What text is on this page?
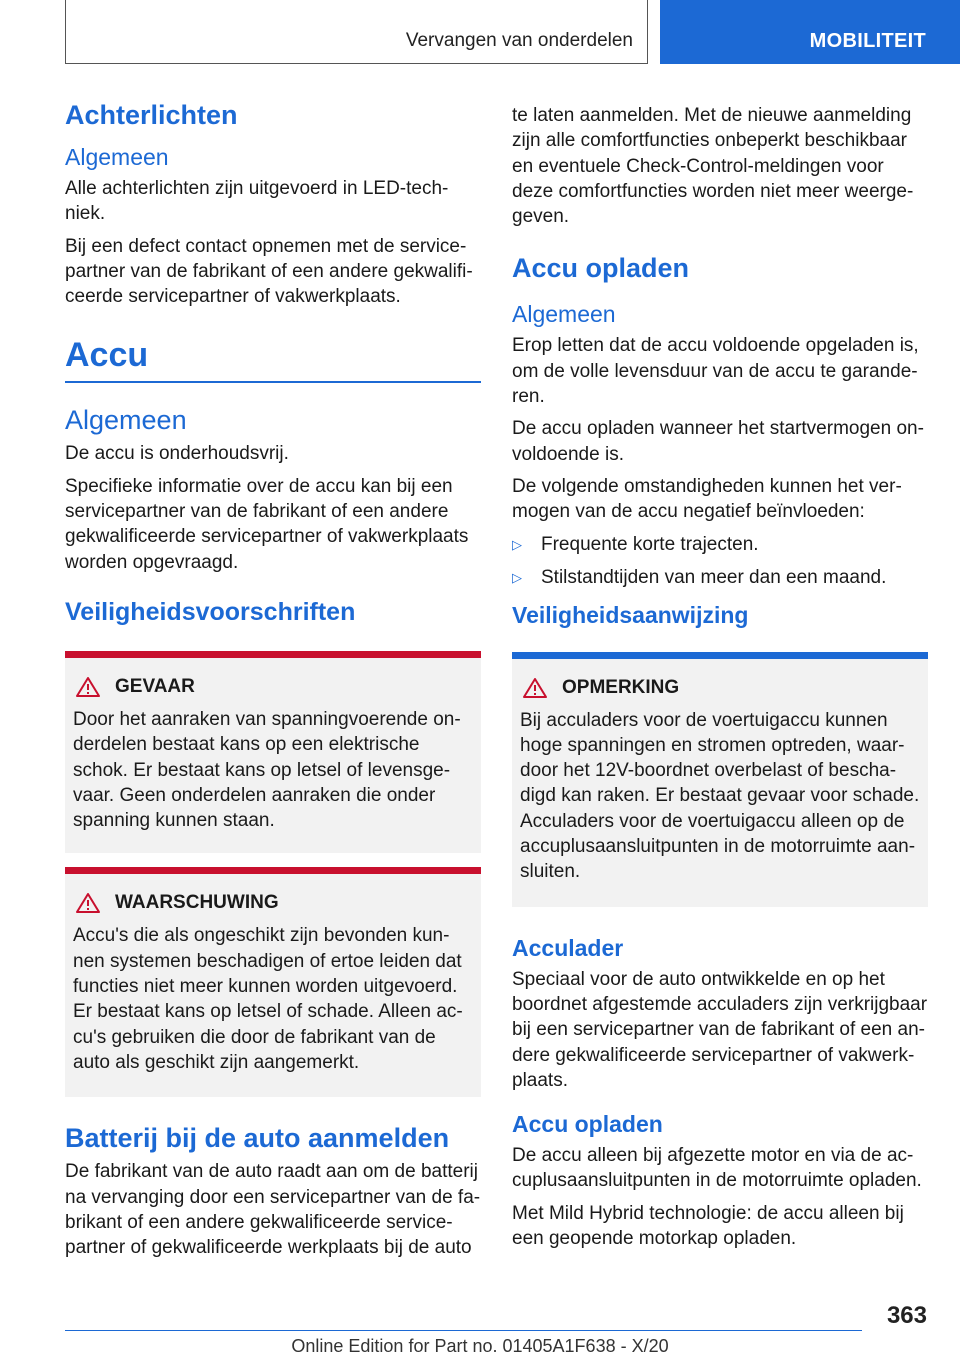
Vervangen van onderdelen	MOBILITEIT
Achterlichten
Algemeen

Alle achterlichten zijn uitgevoerd in LED-techniek.

Bij een defect contact opnemen met de servicepartner van de fabrikant of een andere gekwalificeerde servicepartner of vakwerkplaats.

Accu
Algemeen

De accu is onderhoudsvrij.

Specifieke informatie over de accu kan bij een servicepartner van de fabrikant of een andere gekwalificeerde servicepartner of vakwerkplaats worden opgevraagd.

Veiligheidsvoorschriften
GEVAAR

Door het aanraken van spanningvoerende onderdelen bestaat kans op een elektrische schok. Er bestaat kans op letsel of levensgevaar. Geen onderdelen aanraken die onder spanning kunnen staan.

WAARSCHUWING

Accu's die als ongeschikt zijn bevonden kunnen systemen beschadigen of ertoe leiden dat functies niet meer kunnen worden uitgevoerd. Er bestaat kans op letsel of schade. Alleen accu's gebruiken die door de fabrikant van de auto als geschikt zijn aangemerkt.

Batterij bij de auto aanmelden

De fabrikant van de auto raadt aan om de batterij na vervanging door een servicepartner van de fabrikant of een andere gekwalificeerde servicepartner of gekwalificeerde werkplaats bij de auto

te laten aanmelden. Met de nieuwe aanmelding zijn alle comfortfuncties onbeperkt beschikbaar en eventuele Check-Control-meldingen voor deze comfortfuncties worden niet meer weergegeven.

Accu opladen
Algemeen

Erop letten dat de accu voldoende opgeladen is, om de volle levensduur van de accu te garanderen.

De accu opladen wanneer het startvermogen onvoldoende is.

De volgende omstandigheden kunnen het vermogen van de accu negatief beïnvloeden:

▷	Frequente korte trajecten.
▷	Stilstandtijden van meer dan een maand.
Veiligheidsaanwijzing
OPMERKING

Bij acculaders voor de voertuigaccu kunnen hoge spanningen en stromen optreden, waardoor het 12V-boordnet overbelast of beschadigd kan raken. Er bestaat gevaar voor schade. Acculaders voor de voertuigaccu alleen op de accuplusaansluitpunten in de motorruimte aansluiten.

Acculader

Speciaal voor de auto ontwikkelde en op het boordnet afgestemde acculaders zijn verkrijgbaar bij een servicepartner van de fabrikant of een andere gekwalificeerde servicepartner of vakwerkplaats.

Accu opladen

De accu alleen bij afgezette motor en via de accuplusaansluitpunten in de motorruimte opladen.

Met Mild Hybrid technologie: de accu alleen bij een geopende motorkap opladen.

363
Online Edition for Part no. 01405A1F638 - X/20
